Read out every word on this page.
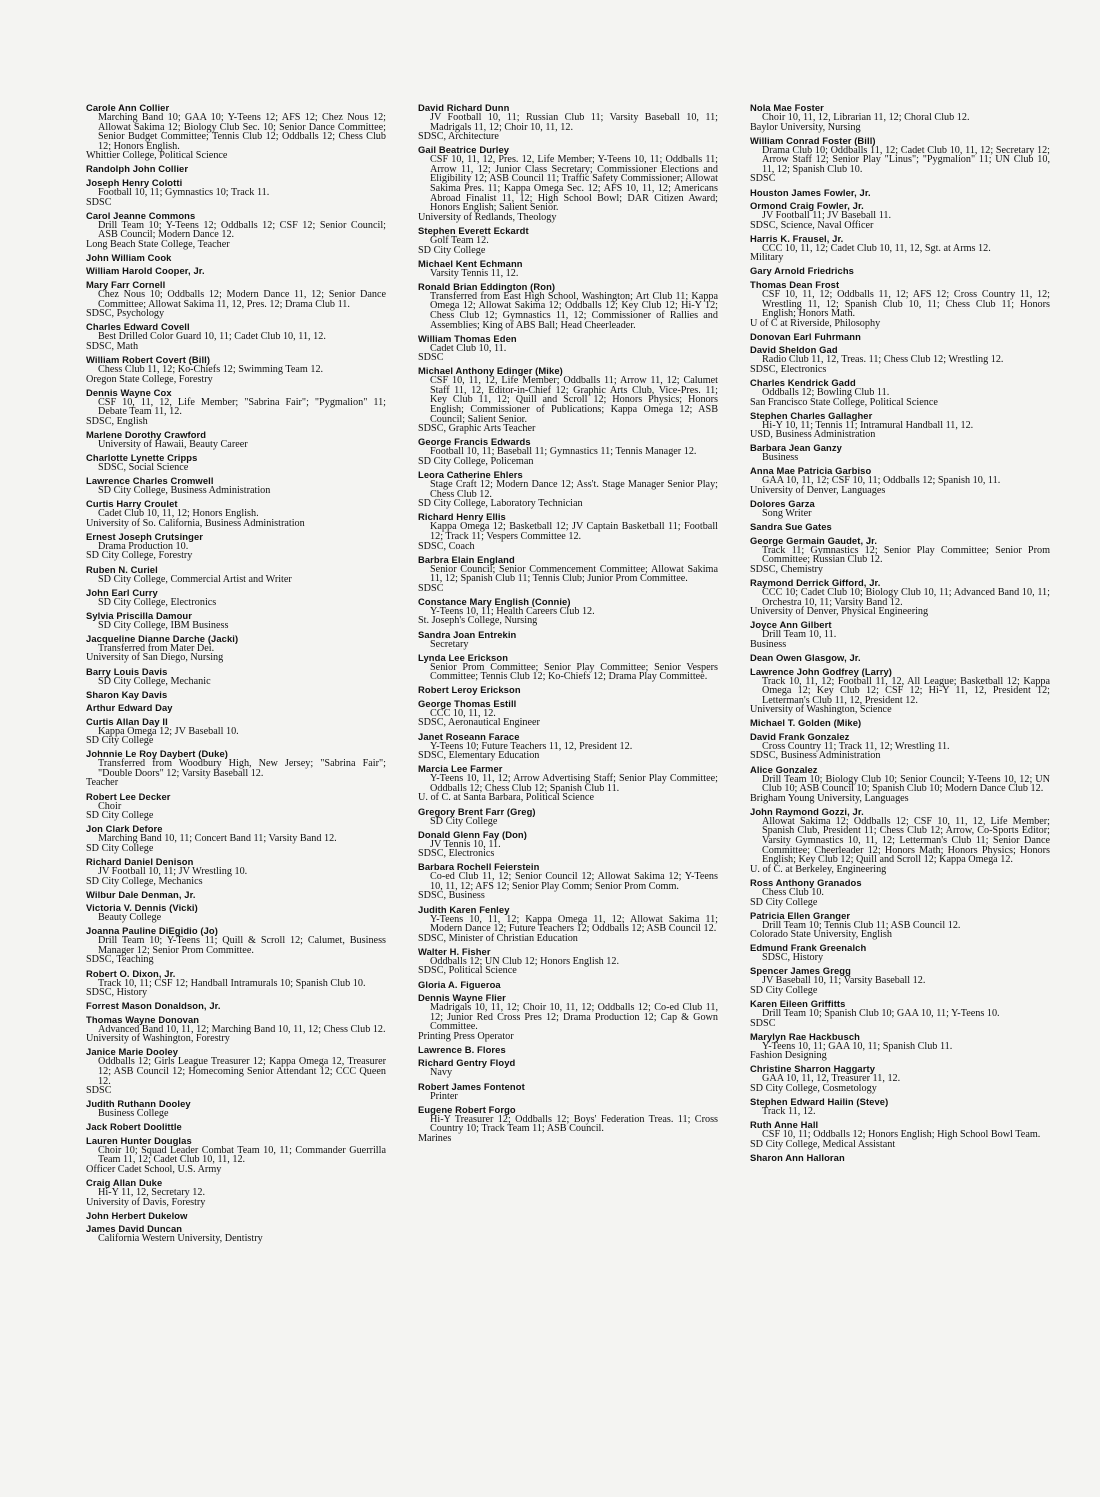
Carole Ann Collier
Marching Band 10; GAA 10; Y-Teens 12; AFS 12; Chez Nous 12; Allowat Sakima 12; Biology Club Sec. 10; Senior Dance Committee; Senior Budget Committee; Tennis Club 12; Oddballs 12; Chess Club 12; Honors English.
Whittier College, Political Science
Randolph John Collier
Joseph Henry Colotti
Football 10, 11; Gymnastics 10; Track 11.
SDSC
Carol Jeanne Commons
Drill Team 10; Y-Teens 12; Oddballs 12; CSF 12; Senior Council; ASB Council; Modern Dance 12.
Long Beach State College, Teacher
John William Cook
William Harold Cooper, Jr.
Mary Farr Cornell
Chez Nous 10; Oddballs 12; Modern Dance 11, 12; Senior Dance Committee; Allowat Sakima 11, 12, Pres. 12; Drama Club 11.
SDSC, Psychology
Charles Edward Covell
Best Drilled Color Guard 10, 11; Cadet Club 10, 11, 12.
SDSC, Math
William Robert Covert (Bill)
Chess Club 11, 12; Ko-Chiefs 12; Swimming Team 12.
Oregon State College, Forestry
Dennis Wayne Cox
CSF 10, 11, 12, Life Member; "Sabrina Fair"; "Pygmalion" 11; Debate Team 11, 12.
SDSC, English
Marlene Dorothy Crawford
University of Hawaii, Beauty Career
Charlotte Lynette Cripps
SDSC, Social Science
Lawrence Charles Cromwell
SD City College, Business Administration
Curtis Harry Croulet
Cadet Club 10, 11, 12; Honors English.
University of So. California, Business Administration
Ernest Joseph Crutsinger
Drama Production 10.
SD City College, Forestry
Ruben N. Curiel
SD City College, Commercial Artist and Writer
John Earl Curry
SD City College, Electronics
Sylvia Priscilla Damour
SD City College, IBM Business
Jacqueline Dianne Darche (Jacki)
Transferred from Mater Dei.
University of San Diego, Nursing
Barry Louis Davis
SD City College, Mechanic
Sharon Kay Davis
Arthur Edward Day
Curtis Allan Day II
Kappa Omega 12; JV Baseball 10.
SD City College
Johnnie Le Roy Daybert (Duke)
Transferred from Woodbury High, New Jersey; "Sabrina Fair"; "Double Doors" 12; Varsity Baseball 12.
Teacher
Robert Lee Decker
Choir
SD City College
Jon Clark Defore
Marching Band 10, 11; Concert Band 11; Varsity Band 12.
SD City College
Richard Daniel Denison
JV Football 10, 11; JV Wrestling 10.
SD City College, Mechanics
Wilbur Dale Denman, Jr.
Victoria V. Dennis (Vicki)
Beauty College
Joanna Pauline DiEgidio (Jo)
Drill Team 10; Y-Teens 11; Quill & Scroll 12; Calumet, Business Manager 12; Senior Prom Committee.
SDSC, Teaching
Robert O. Dixon, Jr.
Track 10, 11; CSF 12; Handball Intramurals 10; Spanish Club 10.
SDSC, History
Forrest Mason Donaldson, Jr.
Thomas Wayne Donovan
Advanced Band 10, 11, 12; Marching Band 10, 11, 12; Chess Club 12.
University of Washington, Forestry
Janice Marie Dooley
Oddballs 12; Girls League Treasurer 12; Kappa Omega 12, Treasurer 12; ASB Council 12; Homecoming Senior Attendant 12; CCC Queen 12.
SDSC
Judith Ruthann Dooley
Business College
Jack Robert Doolittle
Lauren Hunter Douglas
Choir 10; Squad Leader Combat Team 10, 11; Commander Guerrilla Team 11, 12; Cadet Club 10, 11, 12.
Officer Cadet School, U.S. Army
Craig Allan Duke
Hi-Y 11, 12, Secretary 12.
University of Davis, Forestry
John Herbert Dukelow
James David Duncan
California Western University, Dentistry
David Richard Dunn
JV Football 10, 11; Russian Club 11; Varsity Baseball 10, 11; Madrigals 11, 12; Choir 10, 11, 12.
SDSC, Architecture
Gail Beatrice Durley
CSF 10, 11, 12, Pres. 12, Life Member; Y-Teens 10, 11; Oddballs 11; Arrow 11, 12; Junior Class Secretary; Commissioner Elections and Eligibility 12; ASB Council 11; Traffic Safety Commissioner; Allowat Sakima Pres. 11; Kappa Omega Sec. 12; AFS 10, 11, 12; Americans Abroad Finalist 11, 12; High School Bowl; DAR Citizen Award; Honors English; Salient Senior.
University of Redlands, Theology
Stephen Everett Eckardt
Golf Team 12.
SD City College
Michael Kent Echmann
Varsity Tennis 11, 12.
Ronald Brian Eddington (Ron)
Transferred from East High School, Washington; Art Club 11; Kappa Omega 12; Allowat Sakima 12; Oddballs 12; Key Club 12; Hi-Y 12; Chess Club 12; Gymnastics 11, 12; Commissioner of Rallies and Assemblies; King of ABS Ball; Head Cheerleader.
William Thomas Eden
Cadet Club 10, 11.
SDSC
Michael Anthony Edinger (Mike)
CSF 10, 11, 12, Life Member; Oddballs 11; Arrow 11, 12; Calumet Staff 11, 12, Editor-in-Chief 12; Graphic Arts Club, Vice-Pres. 11; Key Club 11, 12; Quill and Scroll 12; Honors Physics; Honors English; Commissioner of Publications; Kappa Omega 12; ASB Council; Salient Senior.
SDSC, Graphic Arts Teacher
George Francis Edwards
Football 10, 11; Baseball 11; Gymnastics 11; Tennis Manager 12.
SD City College, Policeman
Leora Catherine Ehlers
Stage Craft 12; Modern Dance 12; Ass't. Stage Manager Senior Play; Chess Club 12.
SD City College, Laboratory Technician
Richard Henry Ellis
Kappa Omega 12; Basketball 12; JV Captain Basketball 11; Football 12; Track 11; Vespers Committee 12.
SDSC, Coach
Barbra Elain England
Senior Council; Senior Commencement Committee; Allowat Sakima 11, 12; Spanish Club 11; Tennis Club; Junior Prom Committee.
SDSC
Constance Mary English (Connie)
Y-Teens 10, 11; Health Careers Club 12.
St. Joseph's College, Nursing
Sandra Joan Entrekin
Secretary
Lynda Lee Erickson
Senior Prom Committee; Senior Play Committee; Senior Vespers Committee; Tennis Club 12; Ko-Chiefs 12; Drama Play Committee.
Robert Leroy Erickson
George Thomas Estill
CCC 10, 11, 12.
SDSC, Aeronautical Engineer
Janet Roseann Farace
Y-Teens 10; Future Teachers 11, 12, President 12.
SDSC, Elementary Education
Marcia Lee Farmer
Y-Teens 10, 11, 12; Arrow Advertising Staff; Senior Play Committee; Oddballs 12; Chess Club 12; Spanish Club 11.
U. of C. at Santa Barbara, Political Science
Gregory Brent Farr (Greg)
SD City College
Donald Glenn Fay (Don)
JV Tennis 10, 11.
SDSC, Electronics
Barbara Rochell Feierstein
Co-ed Club 11, 12; Senior Council 12; Allowat Sakima 12; Y-Teens 10, 11, 12; AFS 12; Senior Play Comm; Senior Prom Comm.
SDSC, Business
Judith Karen Fenley
Y-Teens 10, 11, 12; Kappa Omega 11, 12; Allowat Sakima 11; Modern Dance 12; Future Teachers 12; Oddballs 12; ASB Council 12.
SDSC, Minister of Christian Education
Walter H. Fisher
Oddballs 12; UN Club 12; Honors English 12.
SDSC, Political Science
Gloria A. Figueroa
Dennis Wayne Flier
Madrigals 10, 11, 12; Choir 10, 11, 12; Oddballs 12; Co-ed Club 11, 12; Junior Red Cross Pres 12; Drama Production 12; Cap & Gown Committee.
Printing Press Operator
Lawrence B. Flores
Richard Gentry Floyd
Navy
Robert James Fontenot
Printer
Eugene Robert Forgo
Hi-Y Treasurer 12; Oddballs 12; Boys' Federation Treas. 11; Cross Country 10; Track Team 11; ASB Council.
Marines
Nola Mae Foster
Choir 10, 11, 12, Librarian 11, 12; Choral Club 12.
Baylor University, Nursing
William Conrad Foster (Bill)
Drama Club 10; Oddballs 11, 12; Cadet Club 10, 11, 12; Secretary 12; Arrow Staff 12; Senior Play "Linus"; "Pygmalion" 11; UN Club 10, 11, 12; Spanish Club 10.
SDSC
Houston James Fowler, Jr.
Ormond Craig Fowler, Jr.
JV Football 11; JV Baseball 11.
SDSC, Science, Naval Officer
Harris K. Frausel, Jr.
CCC 10, 11, 12; Cadet Club 10, 11, 12, Sgt. at Arms 12.
Military
Gary Arnold Friedrichs
Thomas Dean Frost
CSF 10, 11, 12; Oddballs 11, 12; AFS 12; Cross Country 11, 12; Wrestling 11, 12; Spanish Club 10, 11; Chess Club 11; Honors English; Honors Math.
U of C at Riverside, Philosophy
Donovan Earl Fuhrmann
David Sheldon Gad
Radio Club 11, 12, Treas. 11; Chess Club 12; Wrestling 12.
SDSC, Electronics
Charles Kendrick Gadd
Oddballs 12; Bowling Club 11.
San Francisco State College, Political Science
Stephen Charles Gallagher
Hi-Y 10, 11; Tennis 11; Intramural Handball 11, 12.
USD, Business Administration
Barbara Jean Ganzy
Business
Anna Mae Patricia Garbiso
GAA 10, 11, 12; CSF 10, 11; Oddballs 12; Spanish 10, 11.
University of Denver, Languages
Dolores Garza
Song Writer
Sandra Sue Gates
George Germain Gaudet, Jr.
Track 11; Gymnastics 12; Senior Play Committee; Senior Prom Committee; Russian Club 12.
SDSC, Chemistry
Raymond Derrick Gifford, Jr.
CCC 10; Cadet Club 10; Biology Club 10, 11; Advanced Band 10, 11; Orchestra 10, 11; Varsity Band 12.
University of Denver, Physical Engineering
Joyce Ann Gilbert
Drill Team 10, 11.
Business
Dean Owen Glasgow, Jr.
Lawrence John Godfrey (Larry)
Track 10, 11, 12; Football 11, 12, All League; Basketball 12; Kappa Omega 12; Key Club 12; CSF 12; Hi-Y 11, 12, President 12; Letterman's Club 11, 12, President 12.
University of Washington, Science
Michael T. Golden (Mike)
David Frank Gonzalez
Cross Country 11; Track 11, 12; Wrestling 11.
SDSC, Business Administration
Alice Gonzalez
Drill Team 10; Biology Club 10; Senior Council; Y-Teens 10, 12; UN Club 10; ASB Council 10; Spanish Club 10; Modern Dance Club 12.
Brigham Young University, Languages
John Raymond Gozzi, Jr.
Allowat Sakima 12; Oddballs 12; CSF 10, 11, 12, Life Member; Spanish Club, President 11; Chess Club 12; Arrow, Co-Sports Editor; Varsity Gymnastics 10, 11, 12; Letterman's Club 11; Senior Dance Committee; Cheerleader 12; Honors Math; Honors Physics; Honors English; Key Club 12; Quill and Scroll 12; Kappa Omega 12.
U. of C. at Berkeley, Engineering
Ross Anthony Granados
Chess Club 10.
SD City College
Patricia Ellen Granger
Drill Team 10; Tennis Club 11; ASB Council 12.
Colorado State University, English
Edmund Frank Greenalch
SDSC, History
Spencer James Gregg
JV Baseball 10, 11; Varsity Baseball 12.
SD City College
Karen Eileen Griffitts
Drill Team 10; Spanish Club 10; GAA 10, 11; Y-Teens 10.
SDSC
Marylyn Rae Hackbusch
Y-Teens 10, 11; GAA 10, 11; Spanish Club 11.
Fashion Designing
Christine Sharron Haggarty
GAA 10, 11, 12, Treasurer 11, 12.
SD City College, Cosmetology
Stephen Edward Hailin (Steve)
Track 11, 12.
Ruth Anne Hall
CSF 10, 11; Oddballs 12; Honors English; High School Bowl Team.
SD City College, Medical Assistant
Sharon Ann Halloran
